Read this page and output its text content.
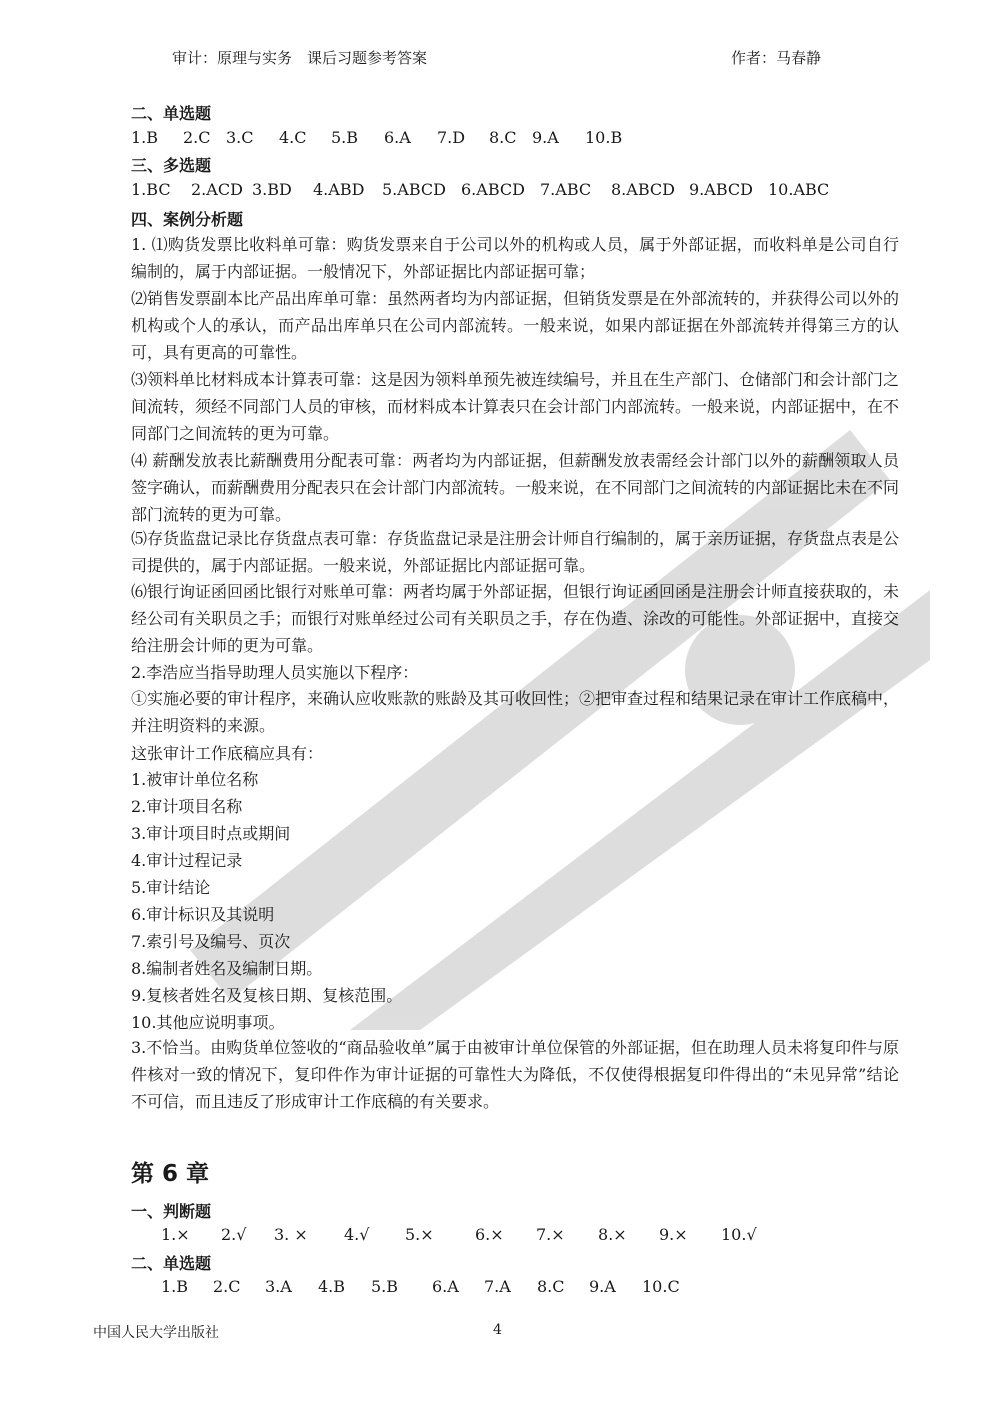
审计：原理与实务　课后习题参考答案	作者：马春静
二、单选题
1.B 2.C 3.C 4.C 5.B 6.A 7.D 8.C 9.A 10.B
三、多选题
1.BC 2.ACD 3.BD 4.ABD 5.ABCD 6.ABCD 7.ABC 8.ABCD 9.ABCD 10.ABC
四、案例分析题
1. ⑴购货发票比收料单可靠：购货发票来自于公司以外的机构或人员，属于外部证据，而收料单是公司自行编制的，属于内部证据。一般情况下，外部证据比内部证据可靠；
⑵销售发票副本比产品出库单可靠：虽然两者均为内部证据，但销货发票是在外部流转的，并获得公司以外的机构或个人的承认，而产品出库单只在公司内部流转。一般来说，如果内部证据在外部流转并得第三方的认可，具有更高的可靠性。
⑶领料单比材料成本计算表可靠：这是因为领料单预先被连续编号，并且在生产部门、仓储部门和会计部门之间流转，须经不同部门人员的审核，而材料成本计算表只在会计部门内部流转。一般来说，内部证据中，在不同部门之间流转的更为可靠。
⑷ 薪酬发放表比薪酬费用分配表可靠：两者均为内部证据，但薪酬发放表需经会计部门以外的薪酬领取人员签字确认，而薪酬费用分配表只在会计部门内部流转。一般来说，在不同部门之间流转的内部证据比未在不同部门流转的更为可靠。
⑸存货监盘记录比存货盘点表可靠：存货监盘记录是注册会计师自行编制的，属于亲历证据，存货盘点表是公司提供的，属于内部证据。一般来说，外部证据比内部证据可靠。
⑹银行询证函回函比银行对账单可靠：两者均属于外部证据，但银行询证函回函是注册会计师直接获取的，未经公司有关职员之手；而银行对账单经过公司有关职员之手，存在伪造、涂改的可能性。外部证据中，直接交给注册会计师的更为可靠。
2.李浩应当指导助理人员实施以下程序：
①实施必要的审计程序，来确认应收账款的账龄及其可收回性；②把审查过程和结果记录在审计工作底稿中，并注明资料的来源。
这张审计工作底稿应具有：
1.被审计单位名称
2.审计项目名称
3.审计项目时点或期间
4.审计过程记录
5.审计结论
6.审计标识及其说明
7.索引号及编号、页次
8.编制者姓名及编制日期。
9.复核者姓名及复核日期、复核范围。
10.其他应说明事项。
3.不恰当。由购货单位签收的“商品验收单”属于由被审计单位保管的外部证据，但在助理人员未将复印件与原件核对一致的情况下，复印件作为审计证据的可靠性大为降低，不仅使得根据复印件得出的“未见异常”结论不可信，而且违反了形成审计工作底稿的有关要求。
第 6 章
一、判断题
1.× 2.√ 3. × 4.√ 5.×	6.× 7.× 8.× 9.× 10.√
二、单选题
1.B 2.C 3.A 4.B 5.B 6.A 7.A 8.C 9.A 10.C
中国人民大学出版社	4
